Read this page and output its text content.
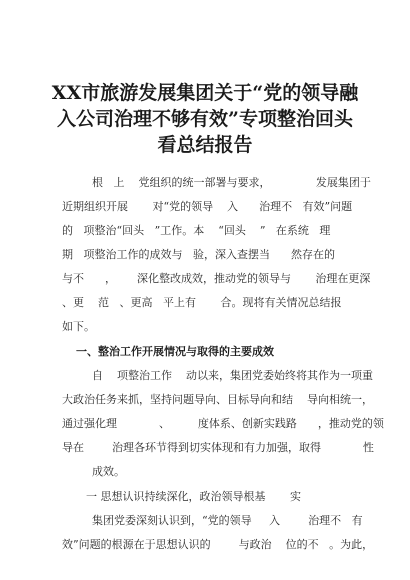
XX市旅游发展集团关于“党的领导融
入公司治理不够有效”专项整治回头
看总结报告

根   上    党组织的统一部署与要求，             发展集团于

近期组织开展       对“党的领导    入      治理不   有效”问题

的   项整治“回头   ”工作。本    “回头    ”   在系统   理

期   项整治工作的成效与   验，深入查摆当      然存在的

与不      ，      深化整改成效，推动党的领导与       治理在更深

、更    范   、更高   平上有       合。现将有关情况总结报

如下。

一、整治工作开展情况与取得的主要成效

自    项整治工作    动以来，集团党委始终将其作为一项重

大政治任务来抓，坚持问题导向、目标导向和结    导向相统一，

通过强化理            、        度体系、创新实践路      ，推动党的领

导在        治理各环节得到切实体现和有力加强，取得            性

成效。

一 思想认识持续深化，政治领导根基       实

集团党委深刻认识到，“党的领导     入        治理不   有

效”问题的根源在于思想认识的        与政治    位的不   。为此，
